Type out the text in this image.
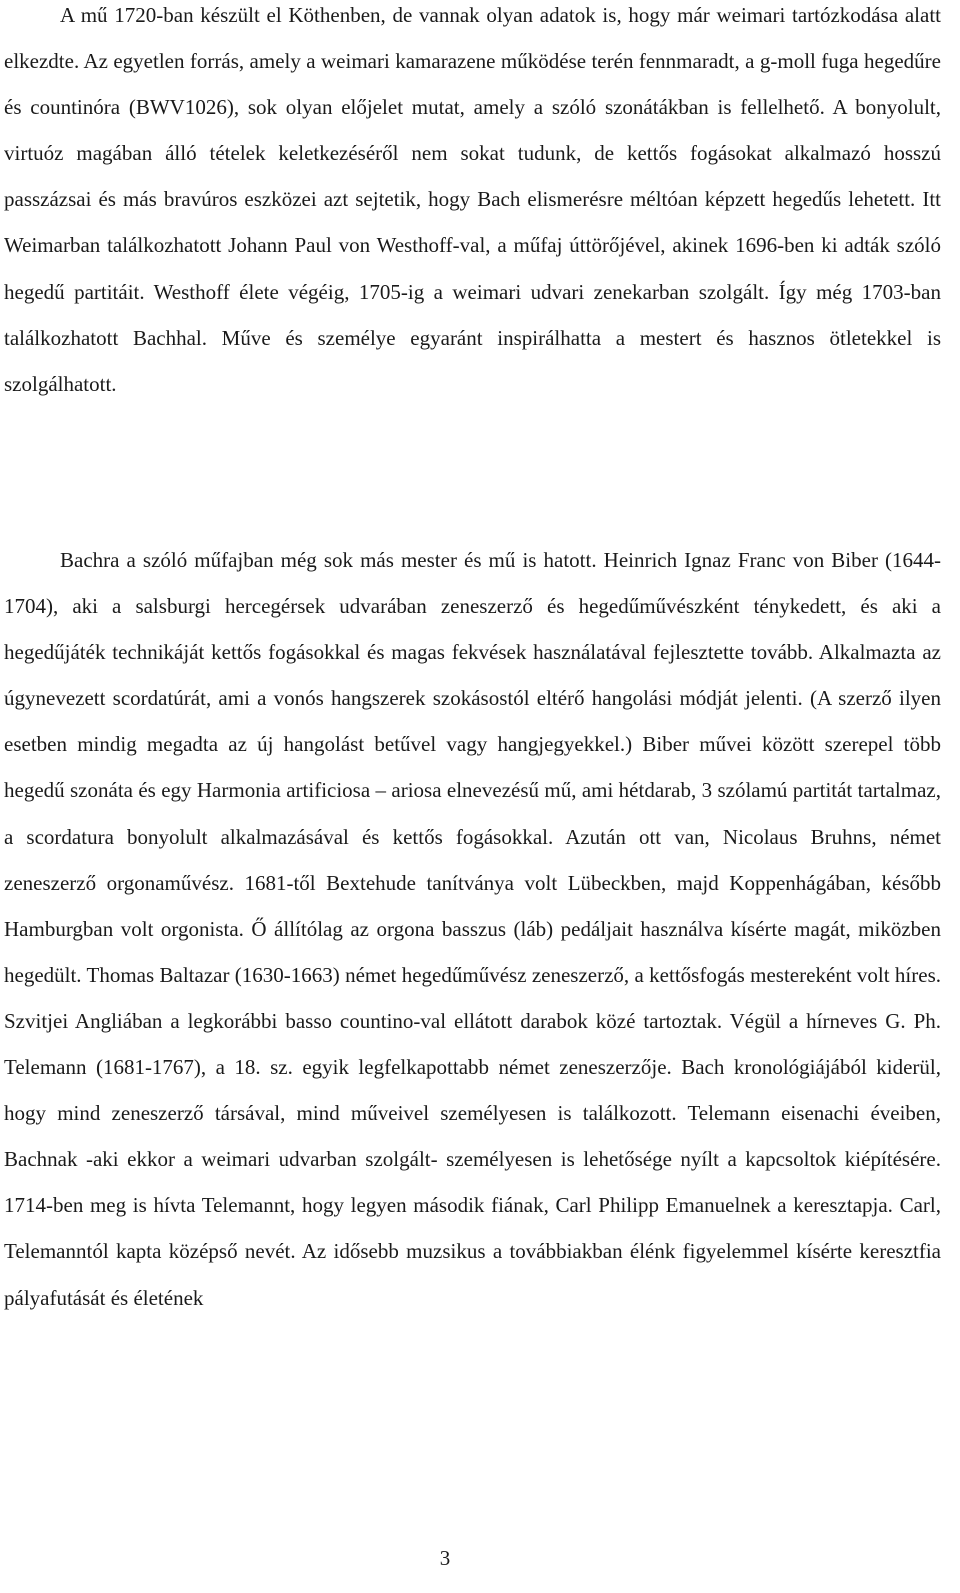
A mű 1720-ban készült el Köthenben, de vannak olyan adatok is, hogy már weimari tartózkodása alatt elkezdte. Az egyetlen forrás, amely a weimari kamarazene működése terén fennmaradt, a g-moll fuga hegedűre és countinóra (BWV1026), sok olyan előjelet mutat, amely a szóló szonátákban is fellelhető. A bonyolult, virtuóz magában álló tételek keletkezéséről nem sokat tudunk, de kettős fogásokat alkalmazó hosszú passzázsai és más bravúros eszközei azt sejtetik, hogy Bach elismerésre méltóan képzett hegedűs lehetett. Itt Weimarban találkozhatott Johann Paul von Westhoff-val, a műfaj úttörőjével, akinek 1696-ben ki adták szóló hegedű partitáit. Westhoff élete végéig, 1705-ig a weimari udvari zenekarban szolgált. Így még 1703-ban találkozhatott Bachhal. Műve és személye egyaránt inspirálhatta a mestert és hasznos ötletekkel is szolgálhatott.

Bachra a szóló műfajban még sok más mester és mű is hatott. Heinrich Ignaz Franc von Biber (1644-1704), aki a salsburgi hercegérsek udvarában zeneszerző és hegedűművészként ténykedett, és aki a hegedűjáték technikáját kettős fogásokkal és magas fekvések használatával fejlesztette tovább. Alkalmazta az úgynevezett scordatúrát, ami a vonós hangszerek szokásostól eltérő hangolási módját jelenti. (A szerző ilyen esetben mindig megadta az új hangolást betűvel vagy hangjegyekkel.) Biber művei között szerepel több hegedű szonáta és egy Harmonia artificiosa – ariosa elnevezésű mű, ami hétdarab, 3 szólamú partitát tartalmaz, a scordatura bonyolult alkalmazásával és kettős fogásokkal. Azután ott van, Nicolaus Bruhns, német zeneszerző orgonaművész. 1681-től Bextehude tanítványa volt Lübeckben, majd Koppenhágában, később Hamburgban volt orgonista. Ő állítólag az orgona basszus (láb) pedáljait használva kísérte magát, miközben hegedült. Thomas Baltazar (1630-1663) német hegedűművész zeneszerző, a kettősfogás mestereként volt híres. Szvitjei Angliában a legkorábbi basso countino-val ellátott darabok közé tartoztak. Végül a hírneves G. Ph. Telemann (1681-1767), a 18. sz. egyik legfelkapottabb német zeneszerzője. Bach kronológiájából kiderül, hogy mind zeneszerző társával, mind műveivel személyesen is találkozott. Telemann eisenachi éveiben, Bachnak -aki ekkor a weimari udvarban szolgált- személyesen is lehetősége nyílt a kapcsoltok kiépítésére. 1714-ben meg is hívta Telemannt, hogy legyen második fiának, Carl Philipp Emanuelnek a keresztapja. Carl, Telemanntól kapta középső nevét. Az idősebb muzsikus a továbbiakban élénk figyelemmel kísérte keresztfia pályafutását és életének

3
